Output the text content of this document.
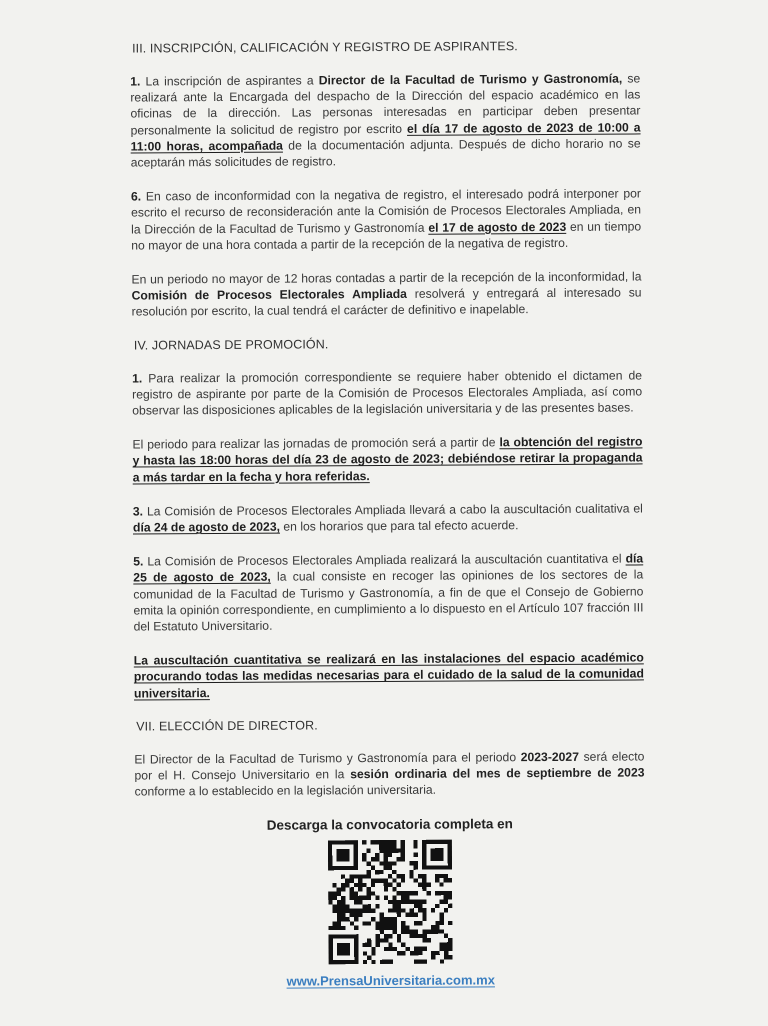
III. INSCRIPCIÓN, CALIFICACIÓN Y REGISTRO DE ASPIRANTES.

1. La inscripción de aspirantes a Director de la Facultad de Turismo y Gastronomía, se realizará ante la Encargada del despacho de la Dirección del espacio académico en las oficinas de la dirección. Las personas interesadas en participar deben presentar personalmente la solicitud de registro por escrito el día 17 de agosto de 2023 de 10:00 a 11:00 horas, acompañada de la documentación adjunta. Después de dicho horario no se aceptarán más solicitudes de registro.

6. En caso de inconformidad con la negativa de registro, el interesado podrá interponer por escrito el recurso de reconsideración ante la Comisión de Procesos Electorales Ampliada, en la Dirección de la Facultad de Turismo y Gastronomía el 17 de agosto de 2023 en un tiempo no mayor de una hora contada a partir de la recepción de la negativa de registro.

En un periodo no mayor de 12 horas contadas a partir de la recepción de la inconformidad, la Comisión de Procesos Electorales Ampliada resolverá y entregará al interesado su resolución por escrito, la cual tendrá el carácter de definitivo e inapelable.

IV. JORNADAS DE PROMOCIÓN.

1. Para realizar la promoción correspondiente se requiere haber obtenido el dictamen de registro de aspirante por parte de la Comisión de Procesos Electorales Ampliada, así como observar las disposiciones aplicables de la legislación universitaria y de las presentes bases.

El periodo para realizar las jornadas de promoción será a partir de la obtención del registro y hasta las 18:00 horas del día 23 de agosto de 2023; debiéndose retirar la propaganda a más tardar en la fecha y hora referidas.

3. La Comisión de Procesos Electorales Ampliada llevará a cabo la auscultación cualitativa el día 24 de agosto de 2023, en los horarios que para tal efecto acuerde.

5. La Comisión de Procesos Electorales Ampliada realizará la auscultación cuantitativa el día 25 de agosto de 2023, la cual consiste en recoger las opiniones de los sectores de la comunidad de la Facultad de Turismo y Gastronomía, a fin de que el Consejo de Gobierno emita la opinión correspondiente, en cumplimiento a lo dispuesto en el Artículo 107 fracción III del Estatuto Universitario.

La auscultación cuantitativa se realizará en las instalaciones del espacio académico procurando todas las medidas necesarias para el cuidado de la salud de la comunidad universitaria.

VII. ELECCIÓN DE DIRECTOR.

El Director de la Facultad de Turismo y Gastronomía para el periodo 2023-2027 será electo por el H. Consejo Universitario en la sesión ordinaria del mes de septiembre de 2023 conforme a lo establecido en la legislación universitaria.

Descarga la convocatoria completa en
www.PrensaUniversitaria.com.mx
